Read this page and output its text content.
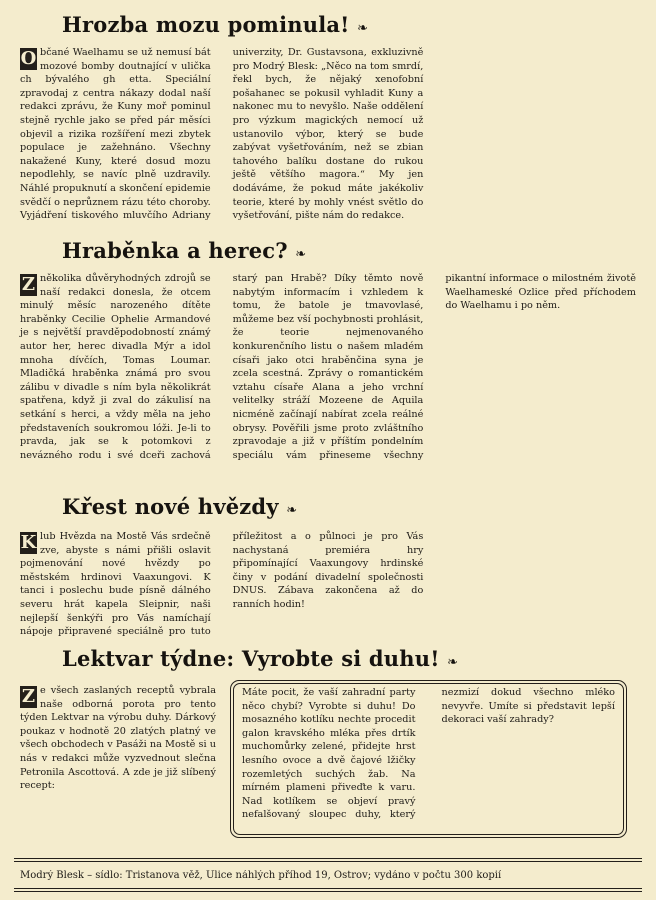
Hrozba mozu pominula! ❧

O bčané Waelhamu se už nemusí bát mozové bomby doutnající v ulička ch bývalého gh etta. Speciální zpravodaj z centra nákazy dodal naší redakci zprávu, že Kuny moř pominul stejně rychle jako se před pár měsíci objevil a rizika rozšíření mezi zbytek populace je zažehnáno. Všechny nakažené Kuny, které dosud mozu nepodlehly, se navíc plně uzdravily. Náhlé propuknutí a skončení epidemie svědčí o neprůznem rázu této choroby. Vyjádření tiskového mluvčího Adriany univerzity, Dr. Gustavsona, exkluzivně pro Modrý Blesk: „Něco na tom smrdí, řekl bych, že nějaký xenofobní pošahanec se pokusil vyhladit Kuny a nakonec mu to nevyšlo. Naše oddělení pro výzkum magických nemocí už ustanovilo výbor, který se bude zabývat vyšetřováním, než se zbian tahového balíku dostane do rukou ještě většího magora.“ My jen dodáváme, že pokud máte jakékoliv teorie, které by mohly vnést světlo do vyšetřování, pište nám do redakce.

Hraběnka a herec? ❧

Z několika důvěryhodných zdrojů se naší redakci donesla, že otcem minulý měsíc narozeného dítěte hraběnky Cecilie Ophelie Armandové je s největší pravděpodobností známý autor her, herec divadla Mýr a idol mnoha dívčích, Tomas Loumar. Mladičká hraběnka známá pro svou zálibu v divadle s ním byla několikrát spatřena, když ji zval do zákulisí na setkání s herci, a vždy měla na jeho představeních soukromou lóži. Je-li to pravda, jak se k potomkovi z nevázného rodu i své dceři zachová starý pan Hrabě? Díky těmto nově nabytým informacím i vzhledem k tomu, že batole je tmavovlasé, můžeme bez vší pochybnosti prohlásit, že teorie nejmenovaného konkurenčního listu o našem mladém císaři jako otci hraběnčina syna je zcela scestná. Zprávy o romantickém vztahu císaře Alana a jeho vrchní velitelky stráží Mozeene de Aquila nicméně začínají nabírat zcela reálné obrysy. Pověřili jsme proto zvláštního zpravodaje a již v příštím pondelním speciálu vám přineseme všechny pikantní informace o milostném životě Waelhameské Ozlice před příchodem do Waelhamu i po něm.

Křest nové hvězdy ❧

K lub Hvězda na Mostě Vás srdečně zve, abyste s námi přišli oslavit pojmenování nové hvězdy po městském hrdinovi Vaaxungovi. K tanci i poslechu bude písně dálného severu hrát kapela Sleipnir, naši nejlepší šenkýři pro Vás namíchají nápoje připravené speciálně pro tuto příležitost a o půlnoci je pro Vás nachystaná premiéra hry připomínající Vaaxungovy hrdinské činy v podání divadelní společnosti DNUS. Zábava zakončena až do ranních hodin!

Lektvar týdne: Vyrobte si duhu! ❧

Z e všech zaslaných receptů vybrala naše odborná porota pro tento týden Lektvar na výrobu duhy. Dárkový poukaz v hodnotě 20 zlatých platný ve všech obchodech v Pasáži na Mostě si u nás v redakci může vyzvednout slečna Petronila Ascottová. A zde je již slíbený recept:

Máte pocit, že vaší zahradní party něco chybí? Vyrobte si duhu! Do mosazného kotlíku nechte procedit galon kravského mléka přes drtík muchomůrky zelené, přidejte hrst lesního ovoce a dvě čajové lžičky rozemletých suchých žab. Na mírném plameni přiveďte k varu. Nad kotlíkem se objeví pravý nefalšovaný sloupec duhy, který nezmizí dokud všechno mléko nevyvře. Umíte si představit lepší dekoraci vaší zahrady?
Modrý Blesk – sídlo: Tristanova věž, Ulice náhlých příhod 19, Ostrov; vydáno v počtu 300 kopií
